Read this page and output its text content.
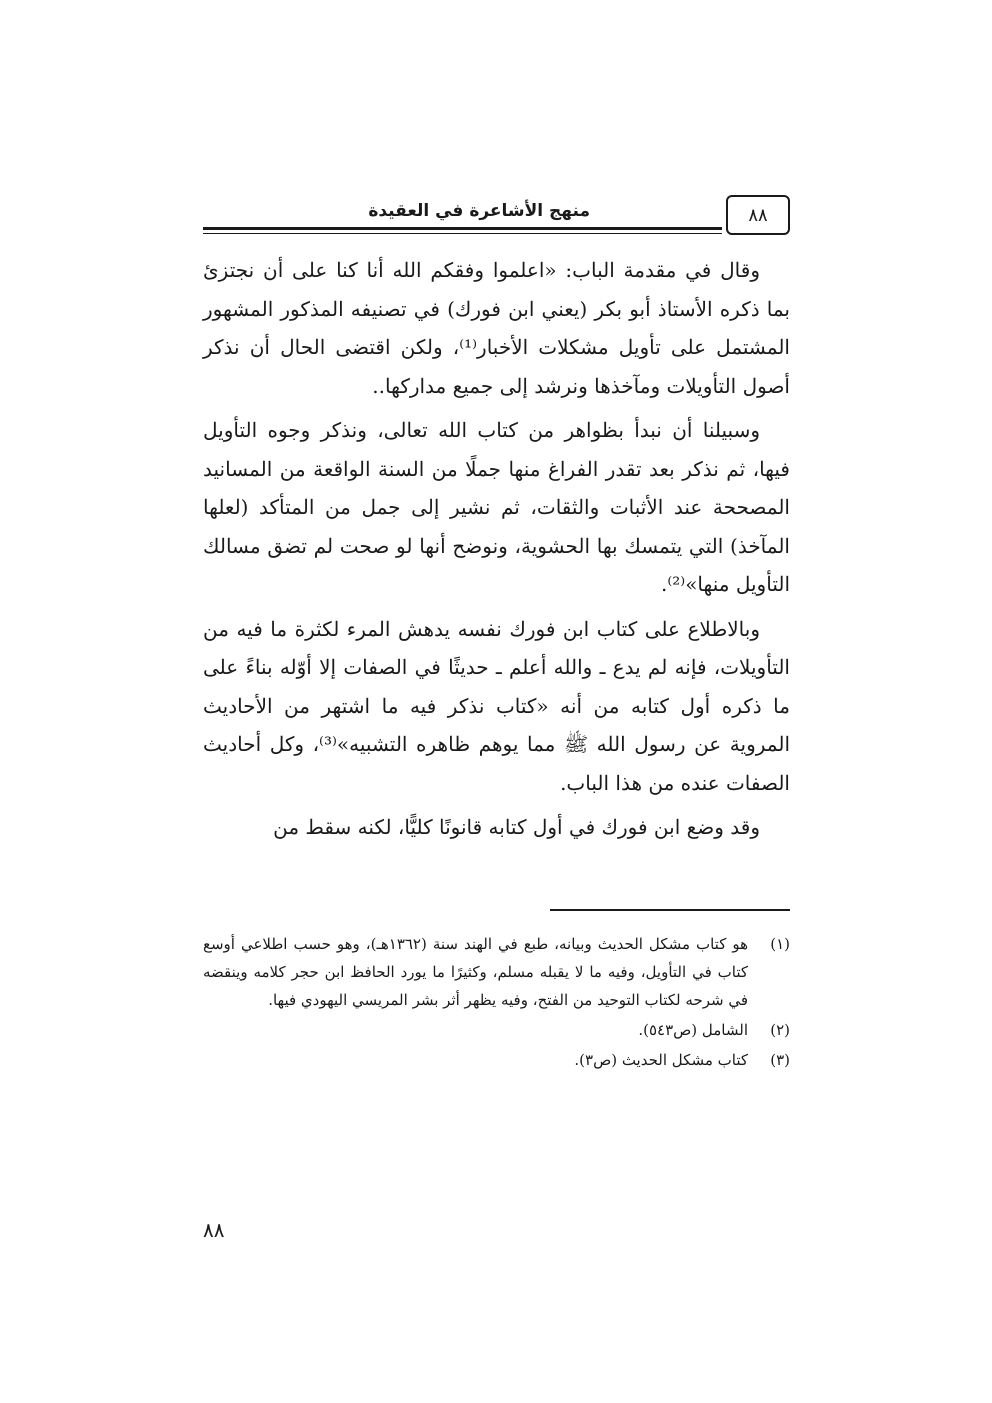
٨٨
منهج الأشاعرة في العقيدة

وقال في مقدمة الباب: «اعلموا وفقكم الله أنا كنا على أن نجتزئ بما ذكره الأستاذ أبو بكر (يعني ابن فورك) في تصنيفه المذكور المشهور المشتمل على تأويل مشكلات الأخبار⁽¹⁾، ولكن اقتضى الحال أن نذكر أصول التأويلات ومآخذها ونرشد إلى جميع مداركها..

وسبيلنا أن نبدأ بظواهر من كتاب الله تعالى، ونذكر وجوه التأويل فيها، ثم نذكر بعد تقدر الفراغ منها جملًا من السنة الواقعة من المسانيد المصححة عند الأثبات والثقات، ثم نشير إلى جمل من المتأكد (لعلها المآخذ) التي يتمسك بها الحشوية، ونوضح أنها لو صحت لم تضق مسالك التأويل منها»⁽²⁾.

وبالاطلاع على كتاب ابن فورك نفسه يدهش المرء لكثرة ما فيه من التأويلات، فإنه لم يدع ـ والله أعلم ـ حديثًا في الصفات إلا أوّله بناءً على ما ذكره أول كتابه من أنه «كتاب نذكر فيه ما اشتهر من الأحاديث المروية عن رسول الله ﷺ مما يوهم ظاهره التشبيه»⁽³⁾، وكل أحاديث الصفات عنده من هذا الباب.

وقد وضع ابن فورك في أول كتابه قانونًا كليًّا، لكنه سقط من

(١)
هو كتاب مشكل الحديث وبيانه، طبع في الهند سنة (١٣٦٢هـ)، وهو حسب اطلاعي أوسع كتاب في التأويل، وفيه ما لا يقبله مسلم، وكثيرًا ما يورد الحافظ ابن حجر كلامه وينقضه في شرحه لكتاب التوحيد من الفتح، وفيه يظهر أثر بشر المريسي اليهودي فيها.
(٢)
الشامل (ص٥٤٣).
(٣)
كتاب مشكل الحديث (ص٣).
٨٨
